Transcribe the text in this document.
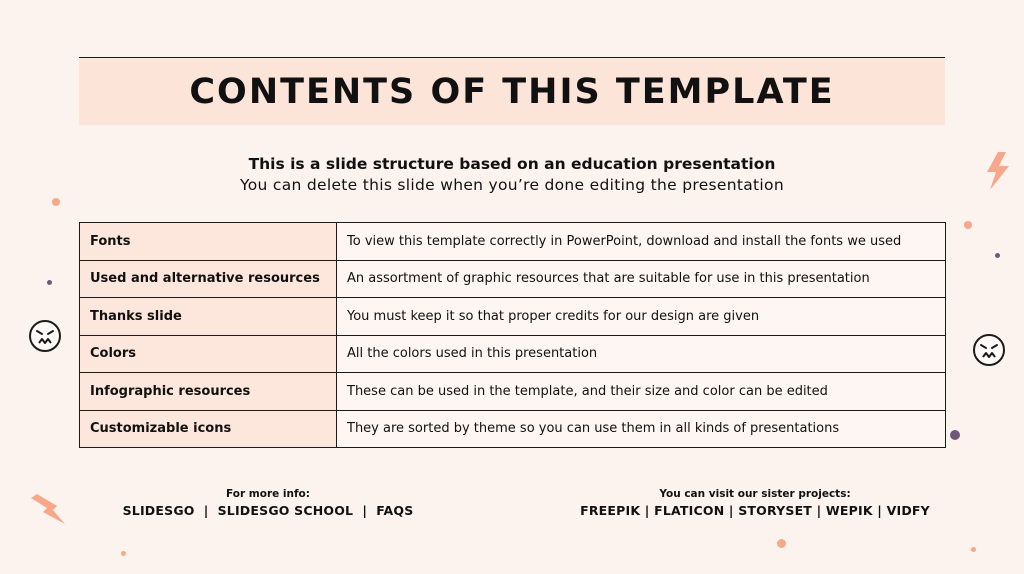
CONTENTS OF THIS TEMPLATE
This is a slide structure based on an education presentation
You can delete this slide when you’re done editing the presentation
Fonts	To view this template correctly in PowerPoint, download and install the fonts we used
Used and alternative resources	An assortment of graphic resources that are suitable for use in this presentation
Thanks slide	You must keep it so that proper credits for our design are given
Colors	All the colors used in this presentation
Infographic resources	These can be used in the template, and their size and color can be edited
Customizable icons	They are sorted by theme so you can use them in all kinds of presentations
For more info:
SLIDESGO  |  SLIDESGO SCHOOL  |  FAQS
You can visit our sister projects:
FREEPIK | FLATICON | STORYSET | WEPIK | VIDFY
